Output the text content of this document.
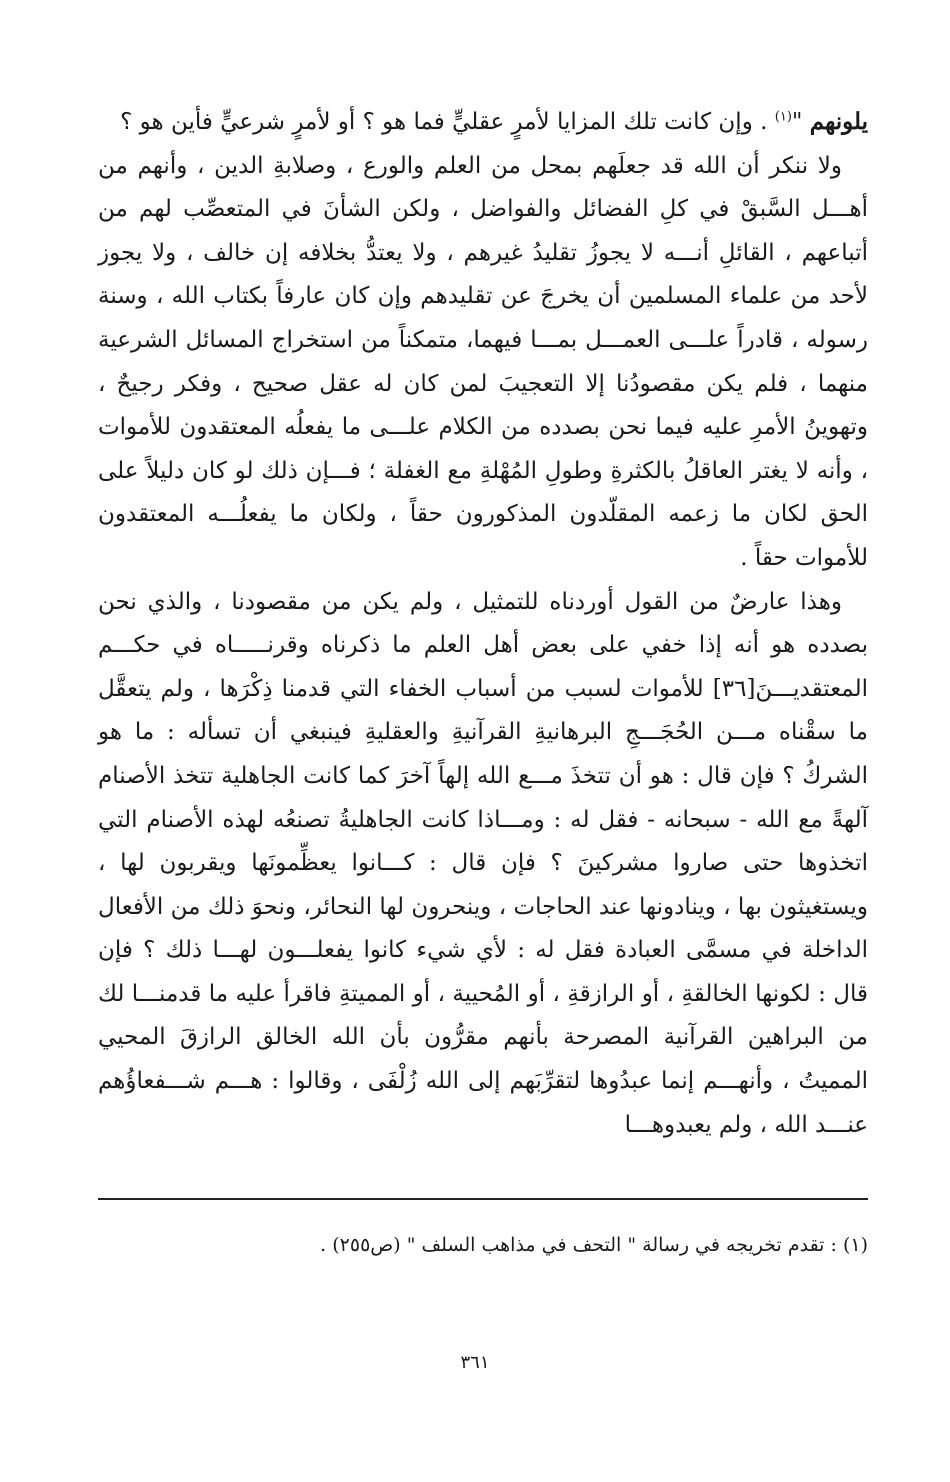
يلونهم "$^{(١)}$ . وإن كانت تلك المزايا لأمرٍ عقليٍّ فما هو ؟ أو لأمرٍ شرعيٍّ فأين هو ؟

ولا ننكر أن الله قد جعلَهم بمحل من العلم والورع ، وصلابةِ الدين ، وأنهم من أهـــل السَّبقْ في كلِ الفضائل والفواضل ، ولكن الشأنَ في المتعصِّب لهم من أتباعهم ، القائلِ أنـــه لا يجوزُ تقليدُ غيرهم ، ولا يعتدُّ بخلافه إن خالف ، ولا يجوز لأحد من علماء المسلمين أن يخرجَ عن تقليدهم وإن كان عارفاً بكتاب الله ، وسنة رسوله ، قادراً علـــى العمـــل بمـــا فيهما، متمكناً من استخراج المسائل الشرعية منهما ، فلم يكن مقصودُنا إلا التعجيبَ لمن كان له عقل صحيح ، وفكر رجيحٌ ، وتهوينُ الأمرِ عليه فيما نحن بصدده من الكلام علـــى ما يفعلُه المعتقدون للأموات ، وأنه لا يغتر العاقلُ بالكثرةِ وطولِ المُهْلةِ مع الغفلة ؛ فـــإن ذلك لو كان دليلاً على الحق لكان ما زعمه المقلّدون المذكورون حقاً ، ولكان ما يفعلُـــه المعتقدون للأموات حقاً .

وهذا عارضٌ من القول أوردناه للتمثيل ، ولم يكن من مقصودنا ، والذي نحن بصدده هو أنه إذا خفي على بعض أهل العلم ما ذكرناه وقرنـــــاه في حكـــم المعتقديـــنَ[٣٦] للأموات لسبب من أسباب الخفاء التي قدمنا ذِكْرَها ، ولم يتعقَّل ما سقْناه مـــن الحُجَـــجِ البرهانيةِ القرآنيةِ والعقليةِ فينبغي أن تسأله : ما هو الشركُ ؟ فإن قال : هو أن تتخذَ مـــع الله إلهاً آخرَ كما كانت الجاهلية تتخذ الأصنام آلهةً مع الله - سبحانه - فقل له : ومـــاذا كانت الجاهليةُ تصنعُه لهذه الأصنام التي اتخذوها حتى صاروا مشركينَ ؟ فإن قال : كـــانوا يعظِّمونَها ويقربون لها ، ويستغيثون بها ، وينادونها عند الحاجات ، وينحرون لها النحائر، ونحوَ ذلك من الأفعال الداخلة في مسمَّى العبادة فقل له : لأي شيء كانوا يفعلـــون لهـــا ذلك ؟ فإن قال : لكونها الخالقةِ ، أو الرازقةِ ، أو المُحيية ، أو المميتةِ فاقرأ عليه ما قدمنـــا لك من البراهين القرآنية المصرحة بأنهم مقرُّون بأن الله الخالق الرازقَ المحيي المميتُ ، وأنهـــم إنما عبدُوها لتقرِّبَهم إلى الله زُلْفَى ، وقالوا : هـــم شـــفعاؤُهم عنـــد الله ، ولم يعبدوهـــا

(١) : تقدم تخريجه في رسالة " التحف في مذاهب السلف " (ص٢٥٥) .
٣٦١
